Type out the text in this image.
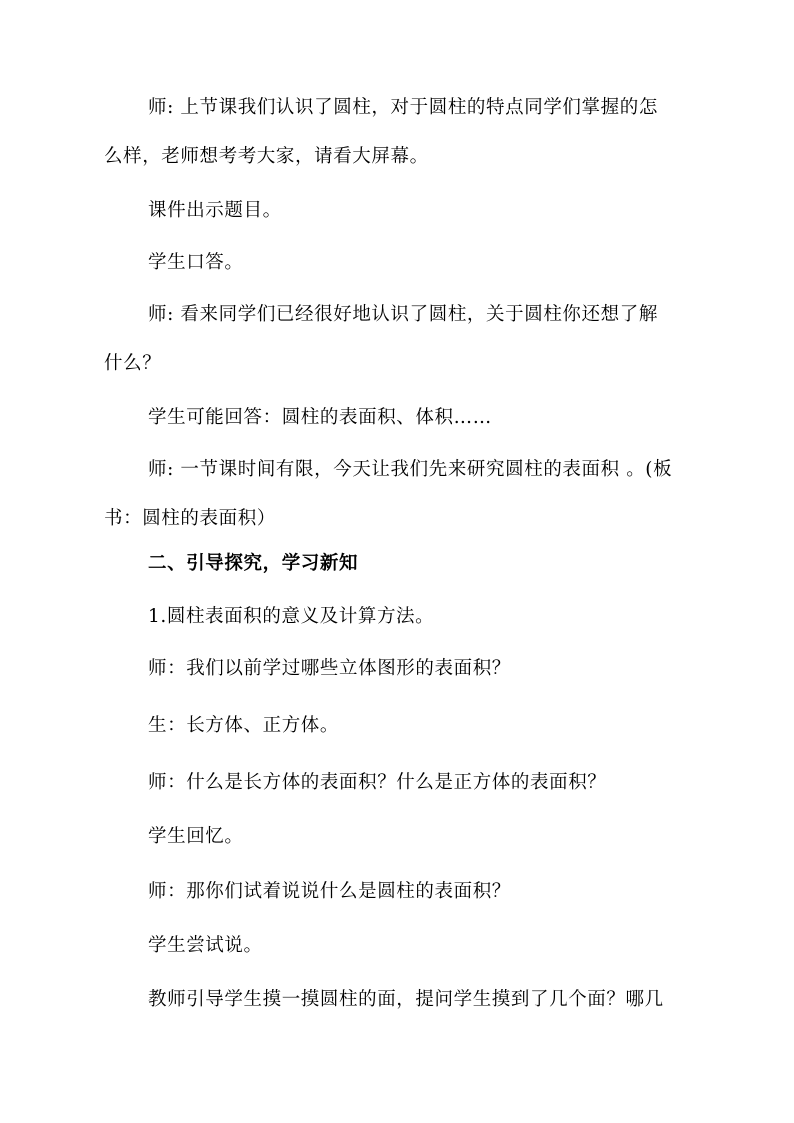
师: 上节课我们认识了圆柱，对于圆柱的特点同学们掌握的怎
么样，老师想考考大家，请看大屏幕。
课件出示题目。
学生口答。
师: 看来同学们已经很好地认识了圆柱，关于圆柱你还想了解
什么？
学生可能回答：圆柱的表面积、体积……
师: 一节课时间有限，今天让我们先来研究圆柱的表面积 。(板
书：圆柱的表面积）
二、引导探究，学习新知
1.圆柱表面积的意义及计算方法。
师：我们以前学过哪些立体图形的表面积？
生：长方体、正方体。
师：什么是长方体的表面积？什么是正方体的表面积？
学生回忆。
师：那你们试着说说什么是圆柱的表面积？
学生尝试说。
教师引导学生摸一摸圆柱的面，提问学生摸到了几个面？哪几
